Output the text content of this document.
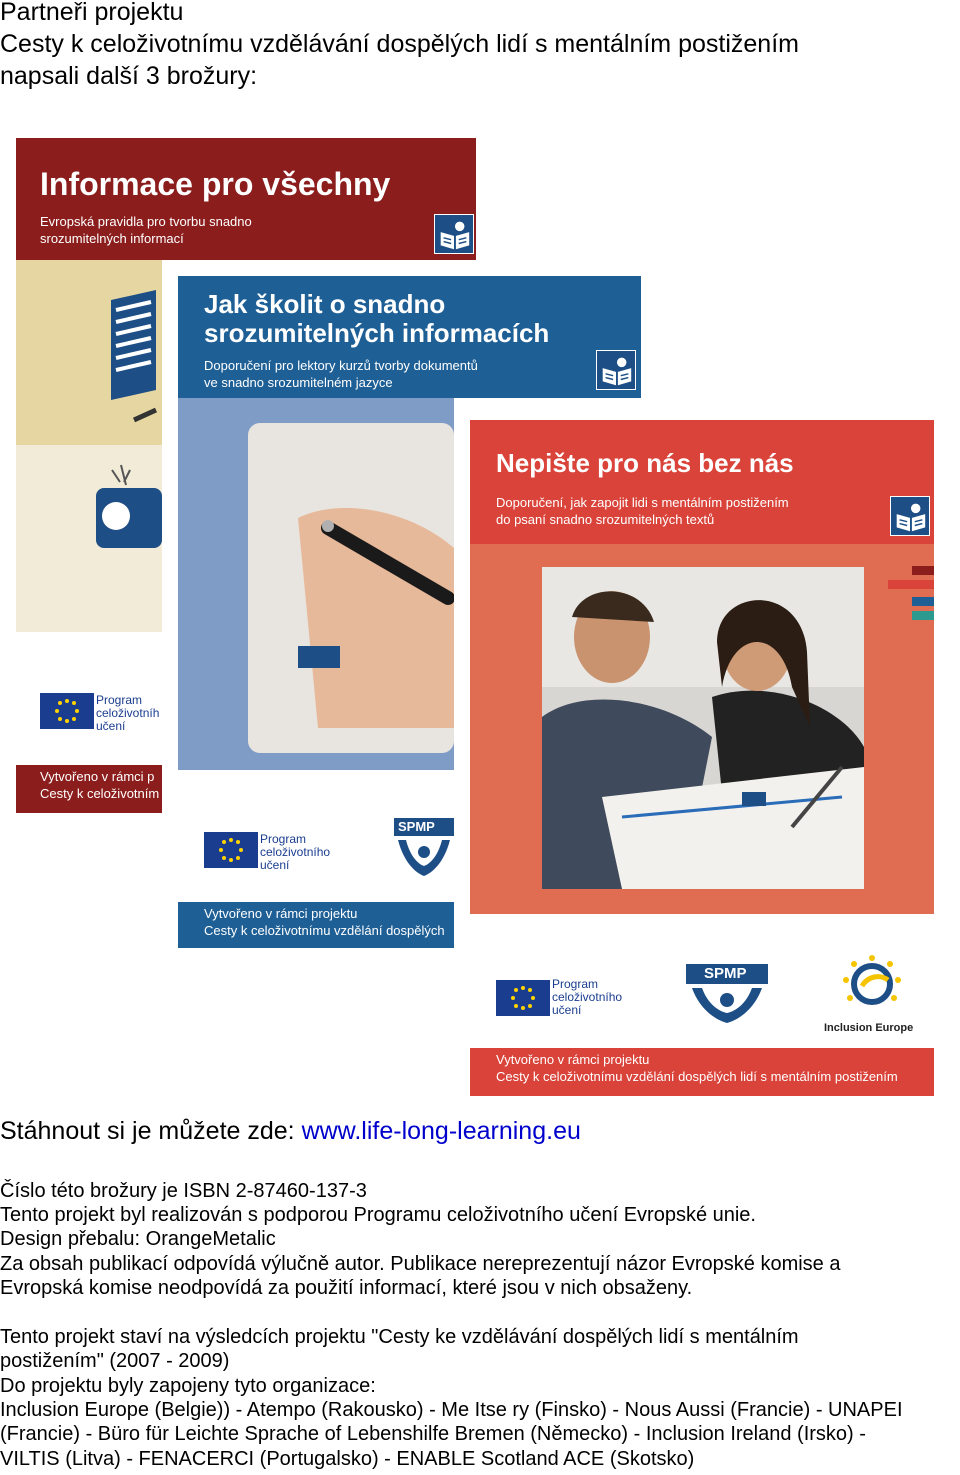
Partneři projektu
Cesty k celoživotnímu vzdělávání dospělých lidí s mentálním postižením
napsali další 3 brožury:
Informace pro všechny
Evropská pravidla pro tvorbu snadno
srozumitelných informací
Program
celoživotníh
učení
Vytvořeno v rámci p
Cesty k celoživotním
Jak školit o snadno
srozumitelných informacích
Doporučení pro lektory kurzů tvorby dokumentů
ve snadno srozumitelném jazyce
Program
celoživotního
učení
SPMP
Vytvořeno v rámci projektu
Cesty k celoživotnímu vzdělání dospělých
Nepište pro nás bez nás
Doporučení, jak zapojit lidi s mentálním postižením
do psaní snadno srozumitelných textů
Program
celoživotního
učení
SPMP
Inclusion Europe
Vytvořeno v rámci projektu
Cesty k celoživotnímu vzdělání dospělých lidí s mentálním postižením
Stáhnout si je můžete zde: www.life-long-learning.eu
Číslo této brožury je ISBN 2-87460-137-3
Tento projekt byl realizován s podporou Programu celoživotního učení Evropské unie.
Design přebalu: OrangeMetalic
Za obsah publikací odpovídá výlučně autor. Publikace nereprezentují názor Evropské komise a
Evropská komise neodpovídá za použití informací, které jsou v nich obsaženy.
Tento projekt staví na výsledcích projektu "Cesty ke vzdělávání dospělých lidí s mentálním
postižením" (2007 - 2009)
Do projektu byly zapojeny tyto organizace:
Inclusion Europe (Belgie)) - Atempo (Rakousko) - Me Itse ry (Finsko) - Nous Aussi (Francie) - UNAPEI
(Francie) - Büro für Leichte Sprache of Lebenshilfe Bremen (Německo) - Inclusion Ireland (Irsko) -
VILTIS (Litva) - FENACERCI (Portugalsko) - ENABLE Scotland ACE (Skotsko)
